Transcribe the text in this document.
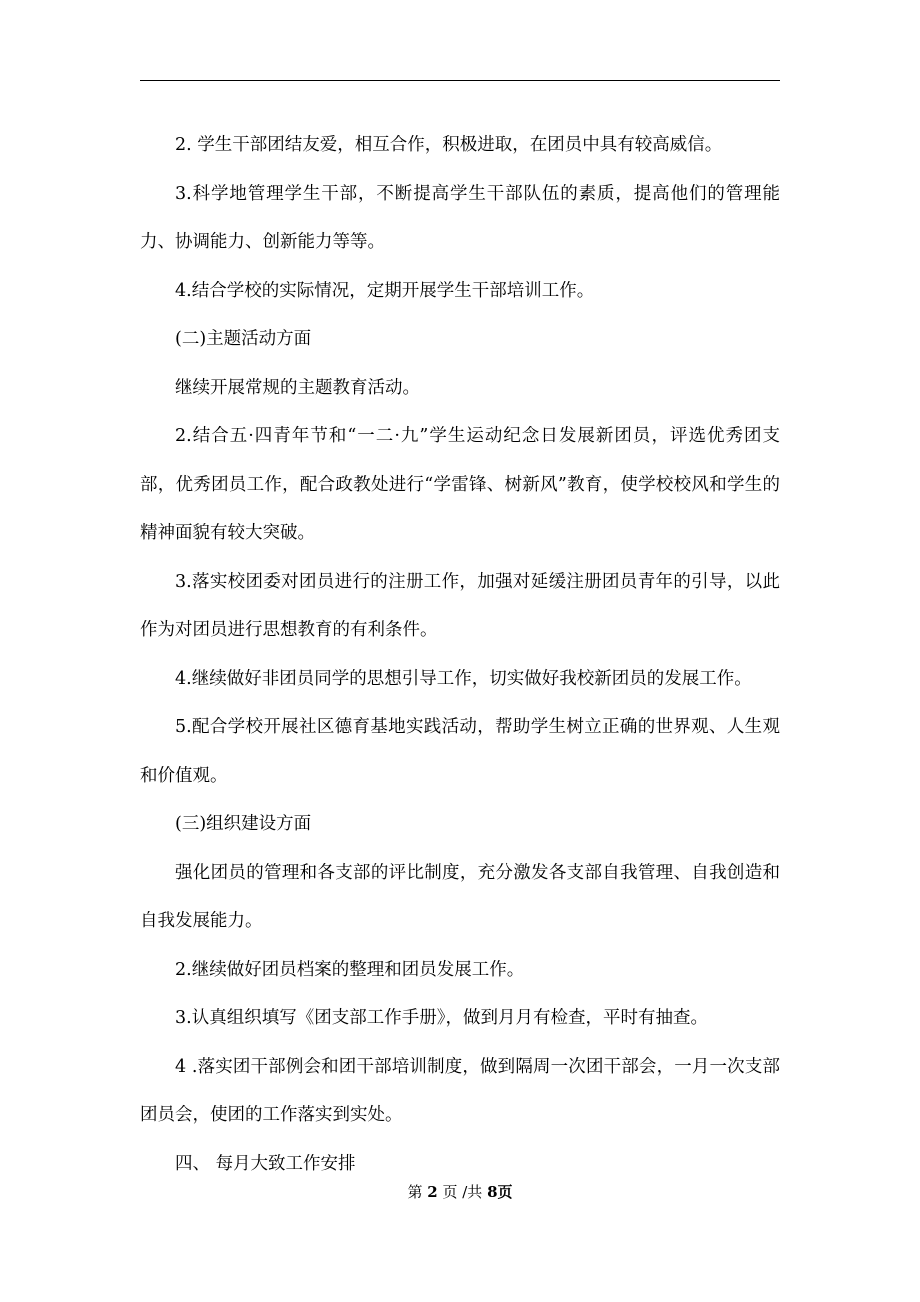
2. 学生干部团结友爱，相互合作，积极进取，在团员中具有较高威信。

3.科学地管理学生干部，不断提高学生干部队伍的素质，提高他们的管理能力、协调能力、创新能力等等。

4.结合学校的实际情况，定期开展学生干部培训工作。

(二)主题活动方面

继续开展常规的主题教育活动。

2.结合五·四青年节和“一二·九”学生运动纪念日发展新团员，评选优秀团支部，优秀团员工作，配合政教处进行“学雷锋、树新风”教育，使学校校风和学生的精神面貌有较大突破。

3.落实校团委对团员进行的注册工作，加强对延缓注册团员青年的引导，以此作为对团员进行思想教育的有利条件。

4.继续做好非团员同学的思想引导工作，切实做好我校新团员的发展工作。

5.配合学校开展社区德育基地实践活动，帮助学生树立正确的世界观、人生观和价值观。

(三)组织建设方面

强化团员的管理和各支部的评比制度，充分激发各支部自我管理、自我创造和自我发展能力。

2.继续做好团员档案的整理和团员发展工作。

3.认真组织填写《团支部工作手册》，做到月月有检查，平时有抽查。

4 .落实团干部例会和团干部培训制度，做到隔周一次团干部会，一月一次支部团员会，使团的工作落实到实处。

四、 每月大致工作安排

第 2 页 /共 8页
